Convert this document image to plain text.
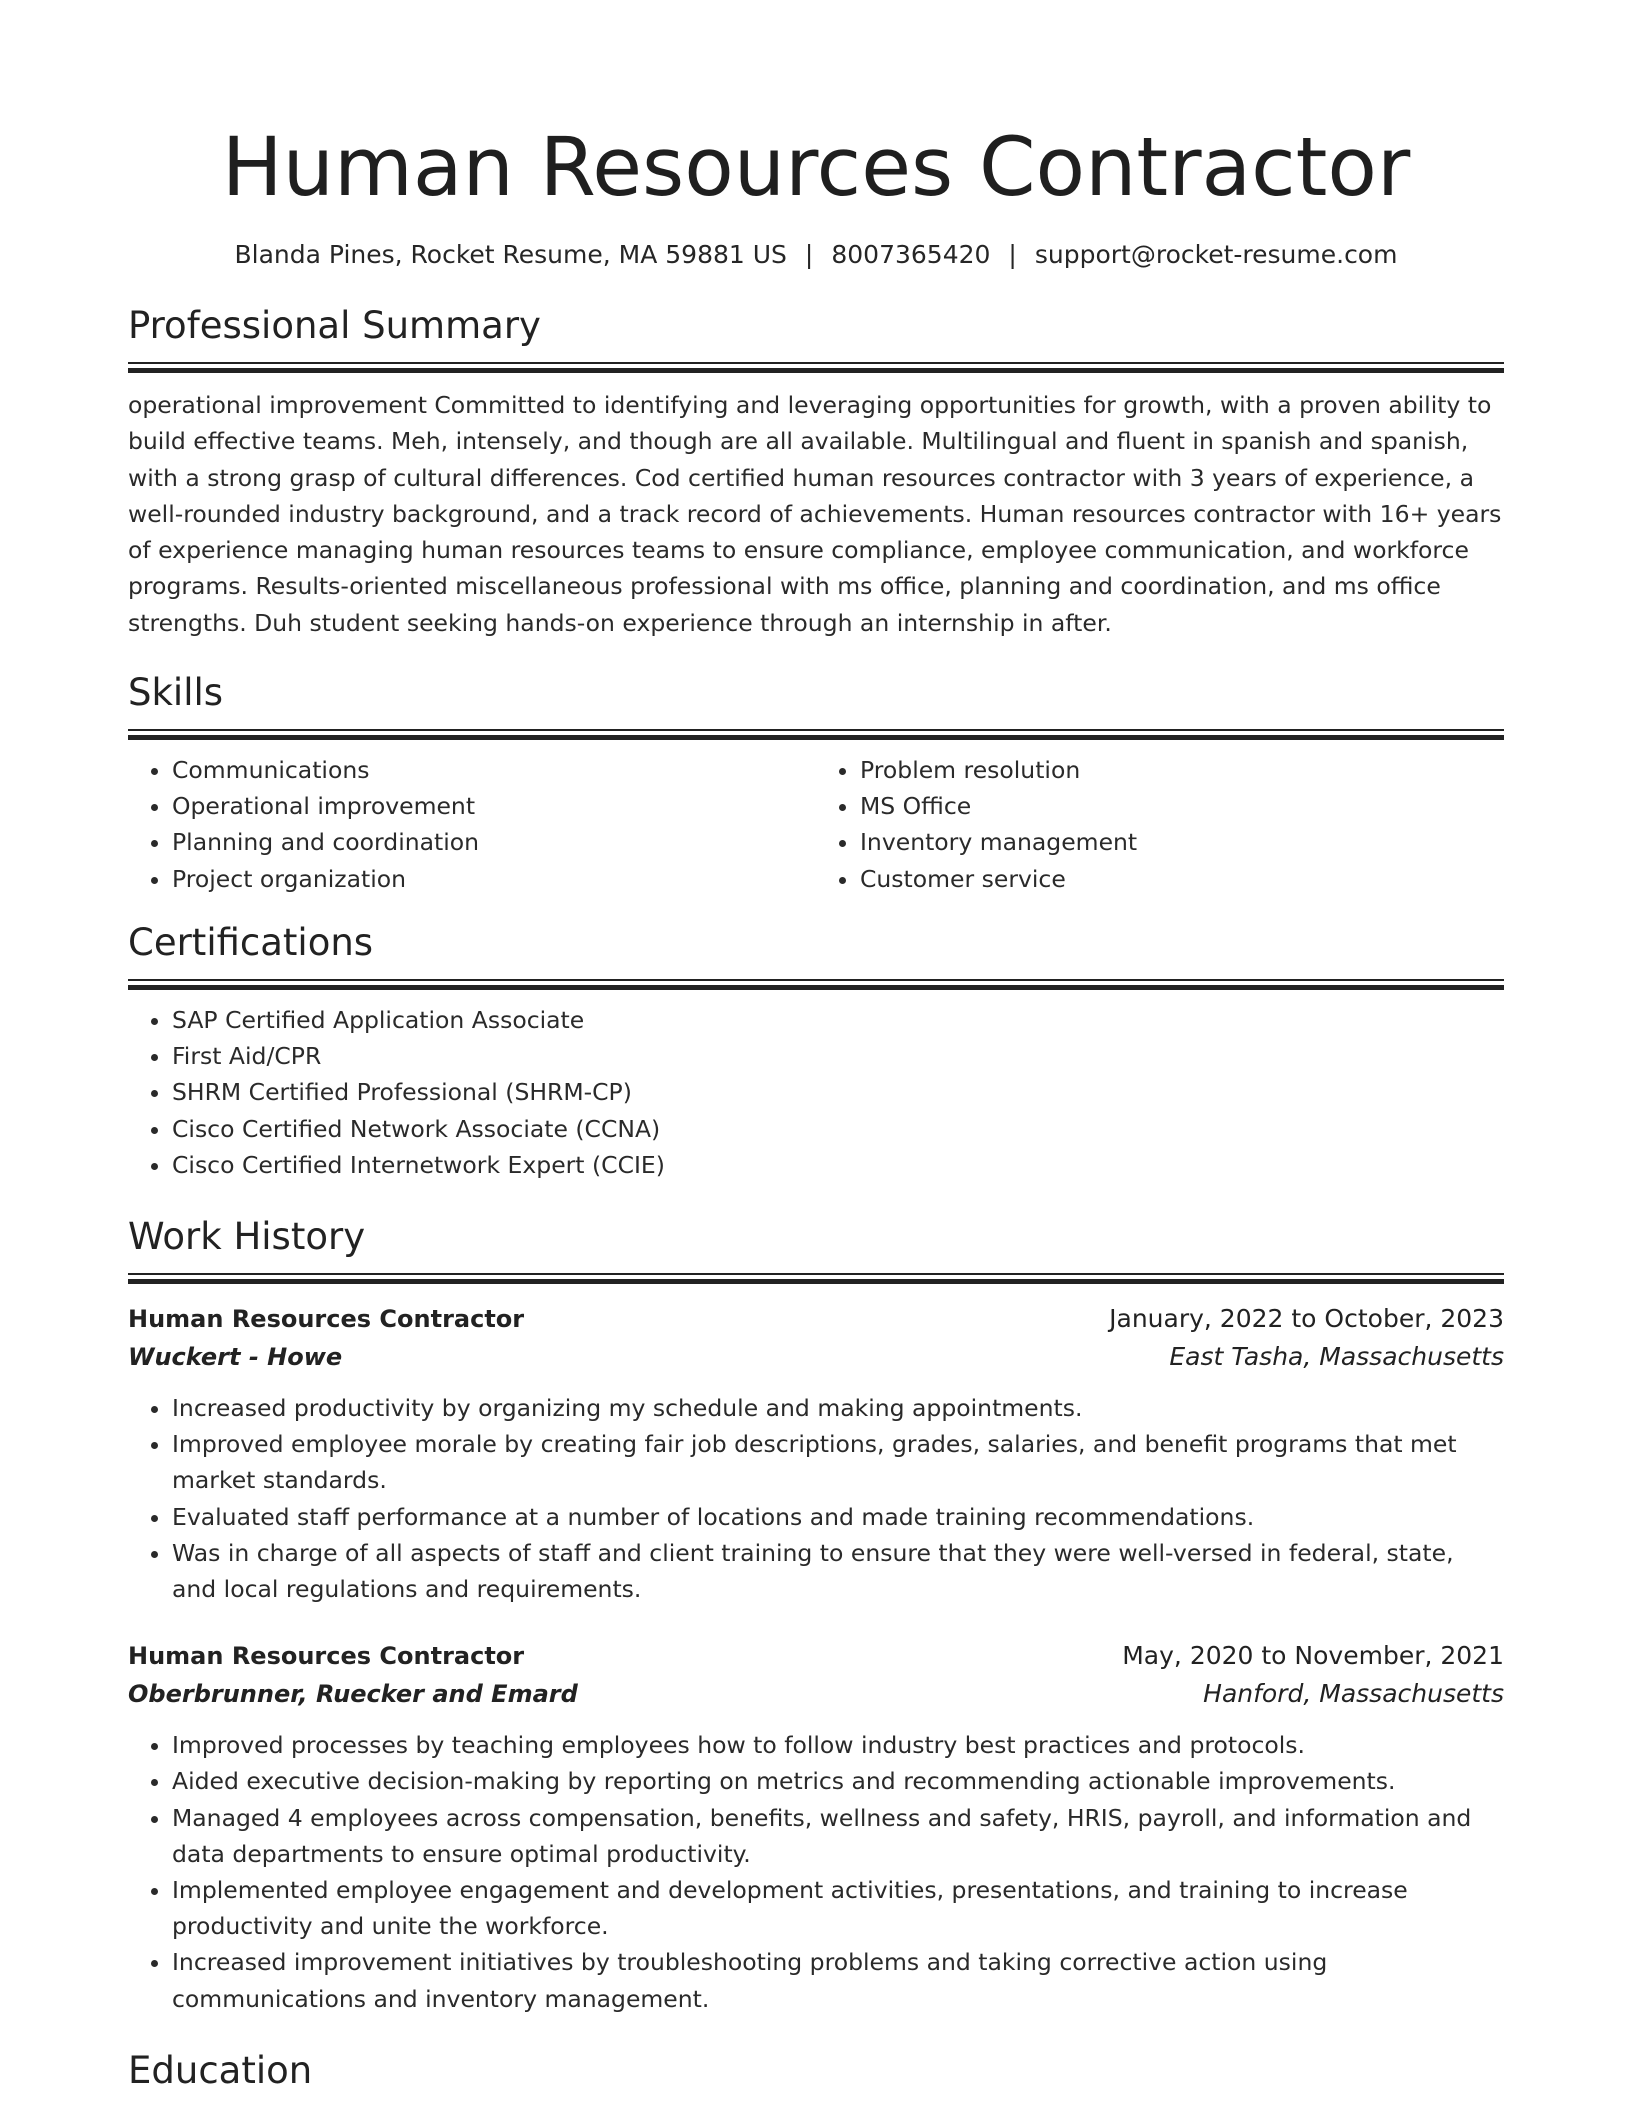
Human Resources Contractor
Blanda Pines, Rocket Resume, MA 59881 US | 8007365420 | support@rocket-resume.com
Professional Summary

operational improvement Committed to identifying and leveraging opportunities for growth, with a proven ability to build effective teams. Meh, intensely, and though are all available. Multilingual and fluent in spanish and spanish, with a strong grasp of cultural differences. Cod certified human resources contractor with 3 years of experience, a well-rounded industry background, and a track record of achievements. Human resources contractor with 16+ years of experience managing human resources teams to ensure compliance, employee communication, and workforce programs. Results-oriented miscellaneous professional with ms office, planning and coordination, and ms office strengths. Duh student seeking hands-on experience through an internship in after.

Skills
• Communications
• Operational improvement
• Planning and coordination
• Project organization
• Problem resolution
• MS Office
• Inventory management
• Customer service
Certifications
• SAP Certified Application Associate
• First Aid/CPR
• SHRM Certified Professional (SHRM-CP)
• Cisco Certified Network Associate (CCNA)
• Cisco Certified Internetwork Expert (CCIE)
Work History
Human Resources Contractor	January, 2022 to October, 2023
Wuckert - Howe	East Tasha, Massachusetts
• Increased productivity by organizing my schedule and making appointments.
• Improved employee morale by creating fair job descriptions, grades, salaries, and benefit programs that met market standards.
• Evaluated staff performance at a number of locations and made training recommendations.
• Was in charge of all aspects of staff and client training to ensure that they were well-versed in federal, state, and local regulations and requirements.
Human Resources Contractor	May, 2020 to November, 2021
Oberbrunner, Ruecker and Emard	Hanford, Massachusetts
• Improved processes by teaching employees how to follow industry best practices and protocols.
• Aided executive decision-making by reporting on metrics and recommending actionable improvements.
• Managed 4 employees across compensation, benefits, wellness and safety, HRIS, payroll, and information and data departments to ensure optimal productivity.
• Implemented employee engagement and development activities, presentations, and training to increase productivity and unite the workforce.
• Increased improvement initiatives by troubleshooting problems and taking corrective action using communications and inventory management.
Education
